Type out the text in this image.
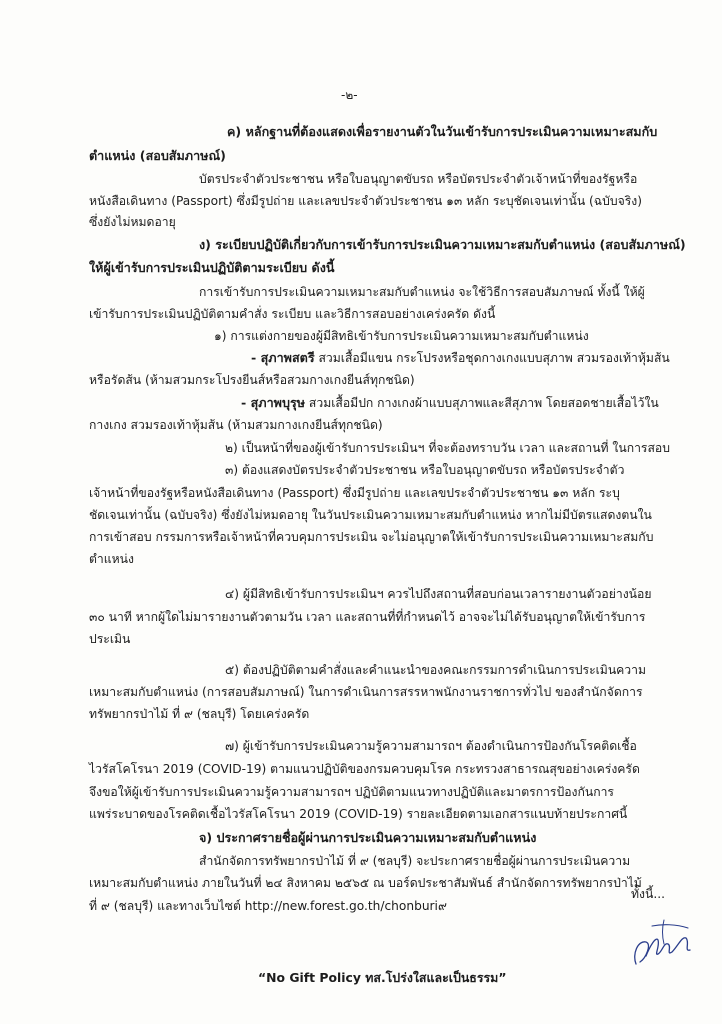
-๒-
ค) หลักฐานที่ต้องแสดงเพื่อรายงานตัวในวันเข้ารับการประเมินความเหมาะสมกับ
ตำแหน่ง (สอบสัมภาษณ์)
บัตรประจำตัวประชาชน หรือใบอนุญาตขับรถ หรือบัตรประจำตัวเจ้าหน้าที่ของรัฐหรือ
หนังสือเดินทาง (Passport) ซึ่งมีรูปถ่าย และเลขประจำตัวประชาชน ๑๓ หลัก ระบุชัดเจนเท่านั้น (ฉบับจริง)
ซึ่งยังไม่หมดอายุ
ง) ระเบียบปฏิบัติเกี่ยวกับการเข้ารับการประเมินความเหมาะสมกับตำแหน่ง (สอบสัมภาษณ์)
ให้ผู้เข้ารับการประเมินปฏิบัติตามระเบียบ ดังนี้
การเข้ารับการประเมินความเหมาะสมกับตำแหน่ง จะใช้วิธีการสอบสัมภาษณ์ ทั้งนี้ ให้ผู้
เข้ารับการประเมินปฏิบัติตามคำสั่ง ระเบียบ และวิธีการสอบอย่างเคร่งครัด ดังนี้
๑) การแต่งกายของผู้มีสิทธิเข้ารับการประเมินความเหมาะสมกับตำแหน่ง
- สุภาพสตรี สวมเสื้อมีแขน กระโปรงหรือชุดกางเกงแบบสุภาพ สวมรองเท้าหุ้มส้น
หรือรัดส้น (ห้ามสวมกระโปรงยีนส์หรือสวมกางเกงยีนส์ทุกชนิด)
- สุภาพบุรุษ สวมเสื้อมีปก กางเกงผ้าแบบสุภาพและสีสุภาพ โดยสอดชายเสื้อไว้ใน
กางเกง สวมรองเท้าหุ้มส้น (ห้ามสวมกางเกงยีนส์ทุกชนิด)
๒) เป็นหน้าที่ของผู้เข้ารับการประเมินฯ ที่จะต้องทราบวัน เวลา และสถานที่ ในการสอบ
๓) ต้องแสดงบัตรประจำตัวประชาชน หรือใบอนุญาตขับรถ หรือบัตรประจำตัว
เจ้าหน้าที่ของรัฐหรือหนังสือเดินทาง (Passport) ซึ่งมีรูปถ่าย และเลขประจำตัวประชาชน ๑๓ หลัก ระบุ
ชัดเจนเท่านั้น (ฉบับจริง) ซึ่งยังไม่หมดอายุ ในวันประเมินความเหมาะสมกับตำแหน่ง หากไม่มีบัตรแสดงตนใน
การเข้าสอบ กรรมการหรือเจ้าหน้าที่ควบคุมการประเมิน จะไม่อนุญาตให้เข้ารับการประเมินความเหมาะสมกับ
ตำแหน่ง
๔) ผู้มีสิทธิเข้ารับการประเมินฯ ควรไปถึงสถานที่สอบก่อนเวลารายงานตัวอย่างน้อย
๓๐ นาที หากผู้ใดไม่มารายงานตัวตามวัน เวลา และสถานที่ที่กำหนดไว้ อาจจะไม่ได้รับอนุญาตให้เข้ารับการ
ประเมิน
๕) ต้องปฏิบัติตามคำสั่งและคำแนะนำของคณะกรรมการดำเนินการประเมินความ
เหมาะสมกับตำแหน่ง (การสอบสัมภาษณ์) ในการดำเนินการสรรหาพนักงานราชการทั่วไป ของสำนักจัดการ
ทรัพยากรป่าไม้ ที่ ๙ (ชลบุรี) โดยเคร่งครัด
๗) ผู้เข้ารับการประเมินความรู้ความสามารถฯ ต้องดำเนินการป้องกันโรคติดเชื้อ
ไวรัสโคโรนา 2019 (COVID-19) ตามแนวปฏิบัติของกรมควบคุมโรค กระทรวงสาธารณสุขอย่างเคร่งครัด
จึงขอให้ผู้เข้ารับการประเมินความรู้ความสามารถฯ ปฏิบัติตามแนวทางปฏิบัติและมาตรการป้องกันการ
แพร่ระบาดของโรคติดเชื้อไวรัสโคโรนา 2019 (COVID-19) รายละเอียดตามเอกสารแนบท้ายประกาศนี้
จ) ประกาศรายชื่อผู้ผ่านการประเมินความเหมาะสมกับตำแหน่ง
สำนักจัดการทรัพยากรป่าไม้ ที่ ๙ (ชลบุรี) จะประกาศรายชื่อผู้ผ่านการประเมินความ
เหมาะสมกับตำแหน่ง ภายในวันที่ ๒๔ สิงหาคม ๒๕๖๕ ณ บอร์ดประชาสัมพันธ์ สำนักจัดการทรัพยากรป่าไม้
ที่ ๙ (ชลบุรี) และทางเว็บไซต์ http://new.forest.go.th/chonburi๙
ทั้งนี้...
“No Gift Policy ทส.โปร่งใสและเป็นธรรม”
